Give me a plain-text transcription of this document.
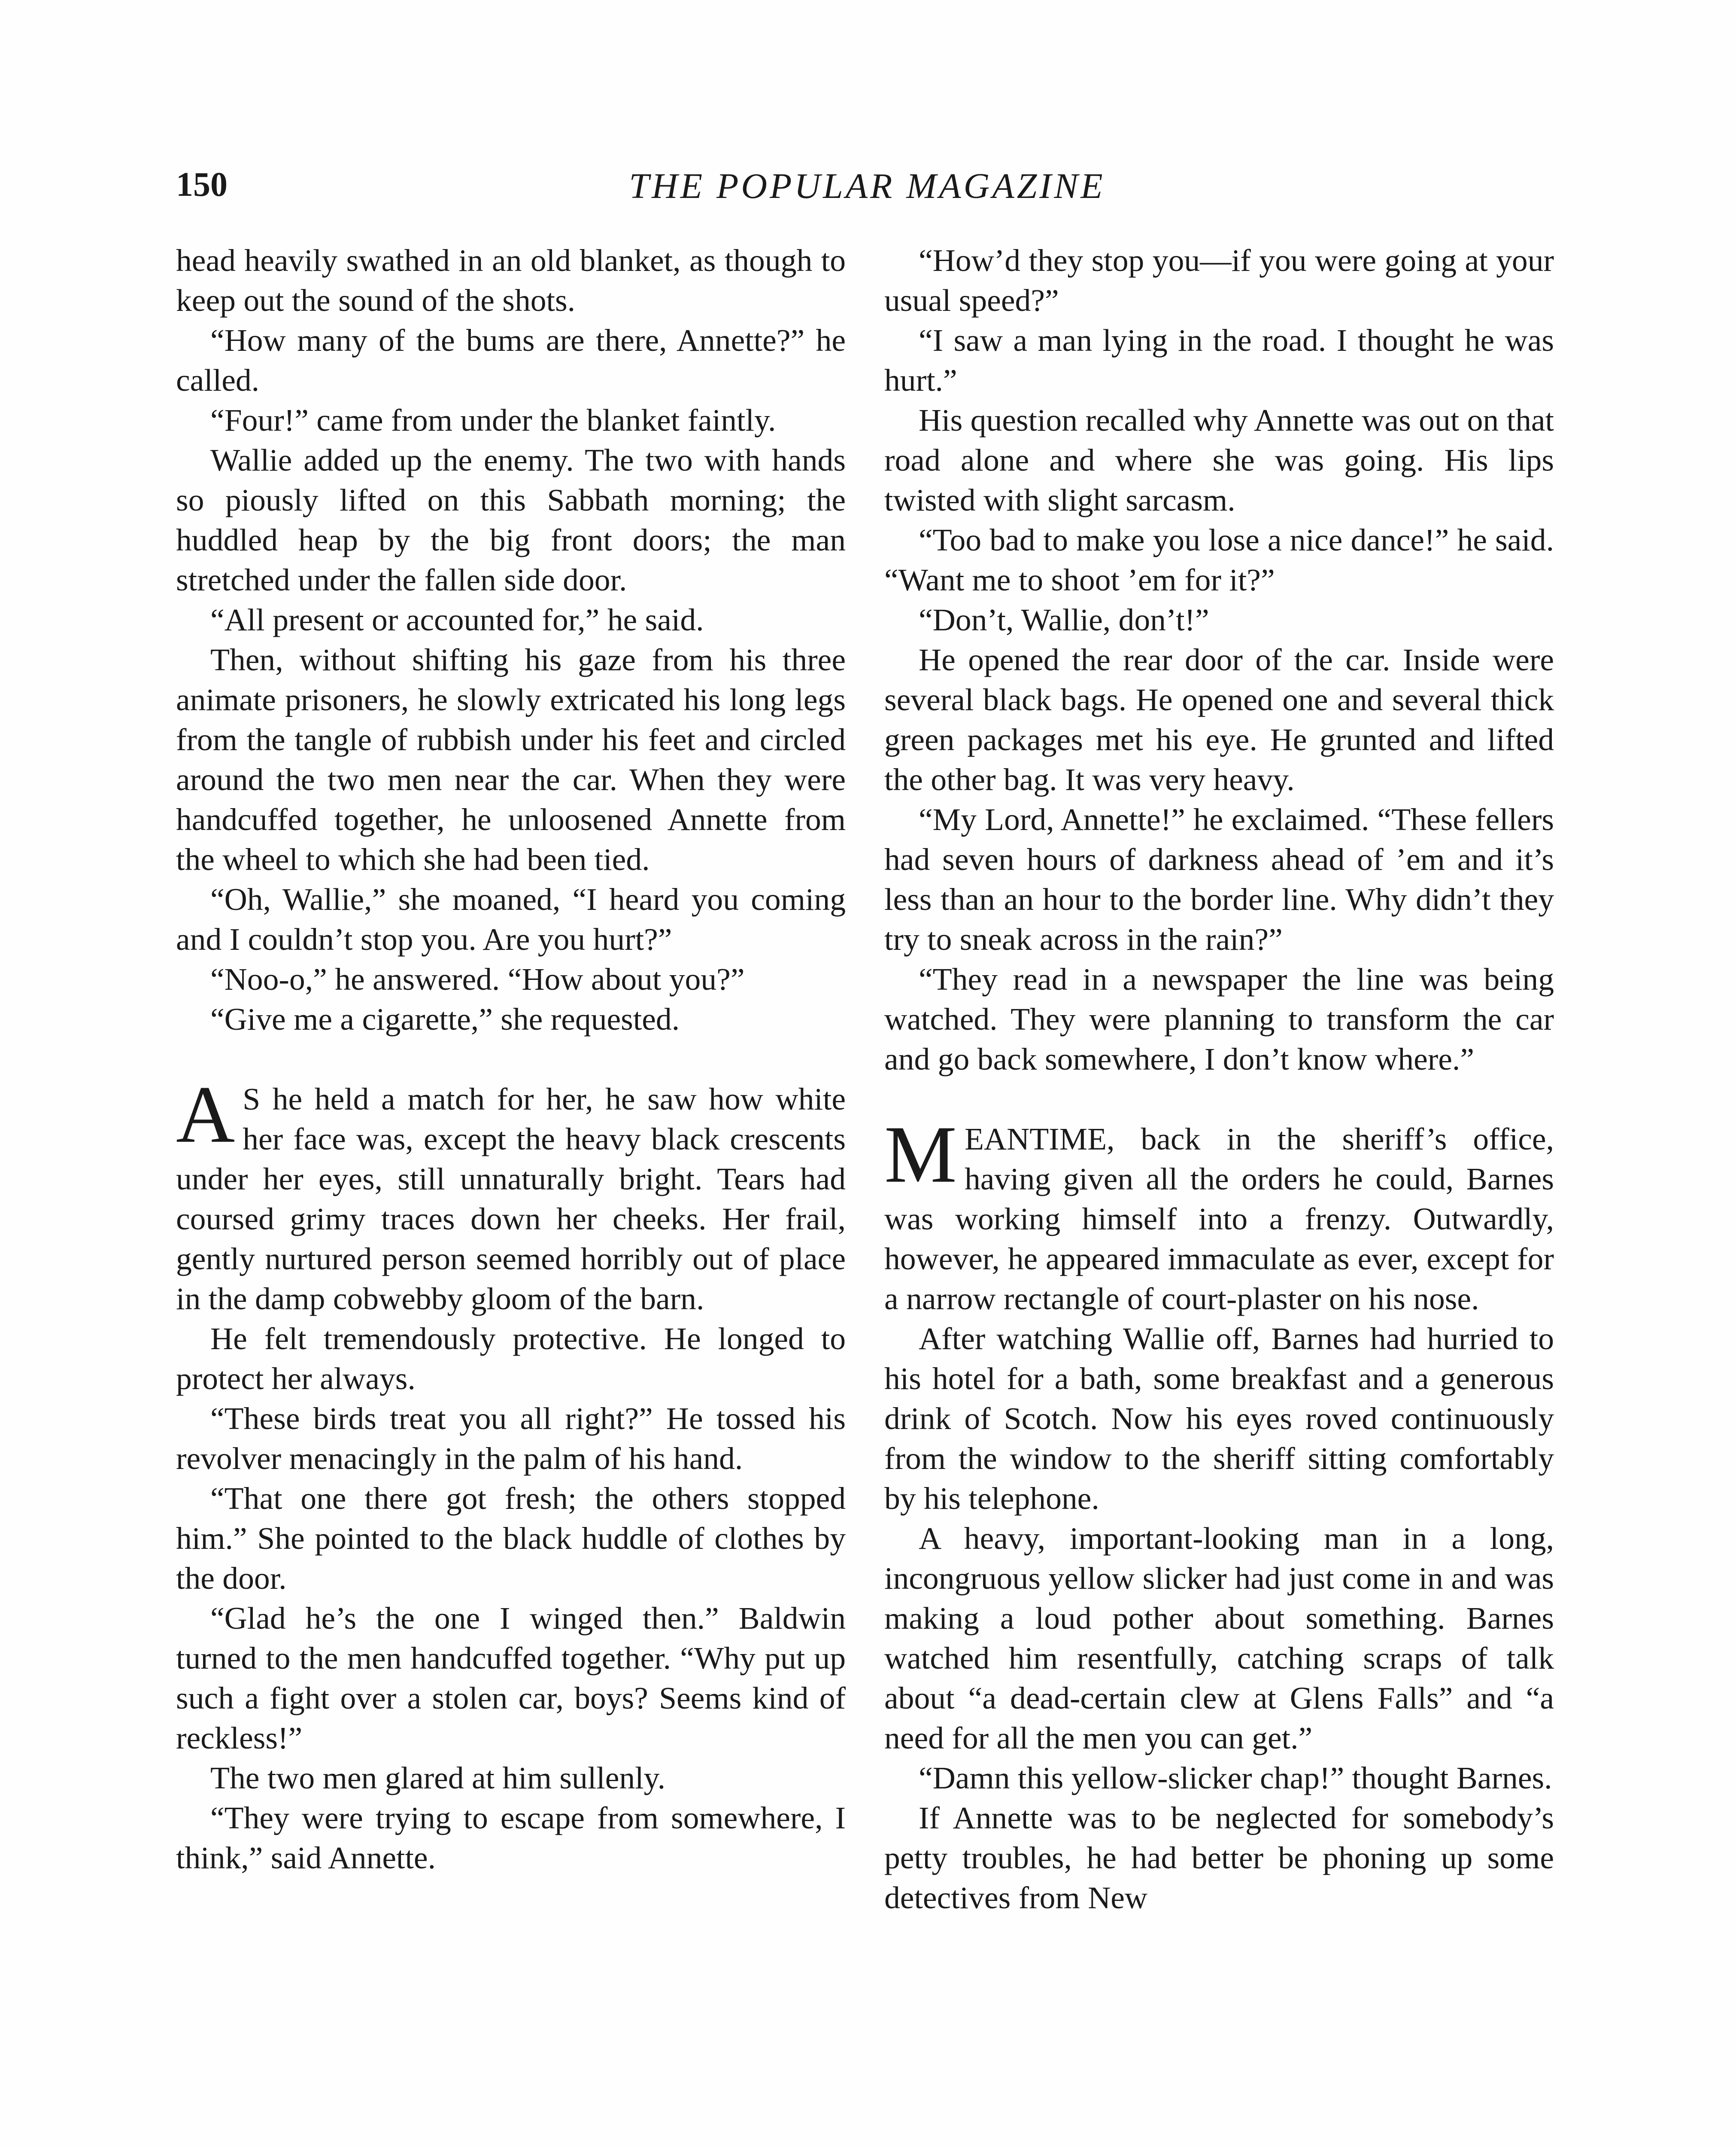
150	THE POPULAR MAGAZINE

head heavily swathed in an old blanket, as though to keep out the sound of the shots.

“How many of the bums are there, Annette?” he called.

“Four!” came from under the blanket faintly.

Wallie added up the enemy. The two with hands so piously lifted on this Sabbath morning; the huddled heap by the big front doors; the man stretched under the fallen side door.

“All present or accounted for,” he said.

Then, without shifting his gaze from his three animate prisoners, he slowly extricated his long legs from the tangle of rubbish under his feet and circled around the two men near the car. When they were handcuffed together, he unloosened Annette from the wheel to which she had been tied.

“Oh, Wallie,” she moaned, “I heard you coming and I couldn’t stop you. Are you hurt?”

“Noo-o,” he answered. “How about you?”

“Give me a cigarette,” she requested.

A S he held a match for her, he saw how white her face was, except the heavy black crescents under her eyes, still unnaturally bright. Tears had coursed grimy traces down her cheeks. Her frail, gently nurtured person seemed horribly out of place in the damp cobwebby gloom of the barn.

He felt tremendously protective. He longed to protect her always.

“These birds treat you all right?” He tossed his revolver menacingly in the palm of his hand.

“That one there got fresh; the others stopped him.” She pointed to the black huddle of clothes by the door.

“Glad he’s the one I winged then.” Baldwin turned to the men handcuffed together. “Why put up such a fight over a stolen car, boys? Seems kind of reckless!”

The two men glared at him sullenly.

“They were trying to escape from somewhere, I think,” said Annette.

“How’d they stop you—if you were going at your usual speed?”

“I saw a man lying in the road. I thought he was hurt.”

His question recalled why Annette was out on that road alone and where she was going. His lips twisted with slight sarcasm.

“Too bad to make you lose a nice dance!” he said. “Want me to shoot ’em for it?”

“Don’t, Wallie, don’t!”

He opened the rear door of the car. Inside were several black bags. He opened one and several thick green packages met his eye. He grunted and lifted the other bag. It was very heavy.

“My Lord, Annette!” he exclaimed. “These fellers had seven hours of darkness ahead of ’em and it’s less than an hour to the border line. Why didn’t they try to sneak across in the rain?”

“They read in a newspaper the line was being watched. They were planning to transform the car and go back somewhere, I don’t know where.”

MEANTIME, back in the sheriff’s office, having given all the orders he could, Barnes was working himself into a frenzy. Outwardly, however, he appeared immaculate as ever, except for a narrow rectangle of court-plaster on his nose.

After watching Wallie off, Barnes had hurried to his hotel for a bath, some breakfast and a generous drink of Scotch. Now his eyes roved continuously from the window to the sheriff sitting comfortably by his telephone.

A heavy, important-looking man in a long, incongruous yellow slicker had just come in and was making a loud pother about something. Barnes watched him resentfully, catching scraps of talk about “a dead-certain clew at Glens Falls” and “a need for all the men you can get.”

“Damn this yellow-slicker chap!” thought Barnes.

If Annette was to be neglected for somebody’s petty troubles, he had better be phoning up some detectives from New
